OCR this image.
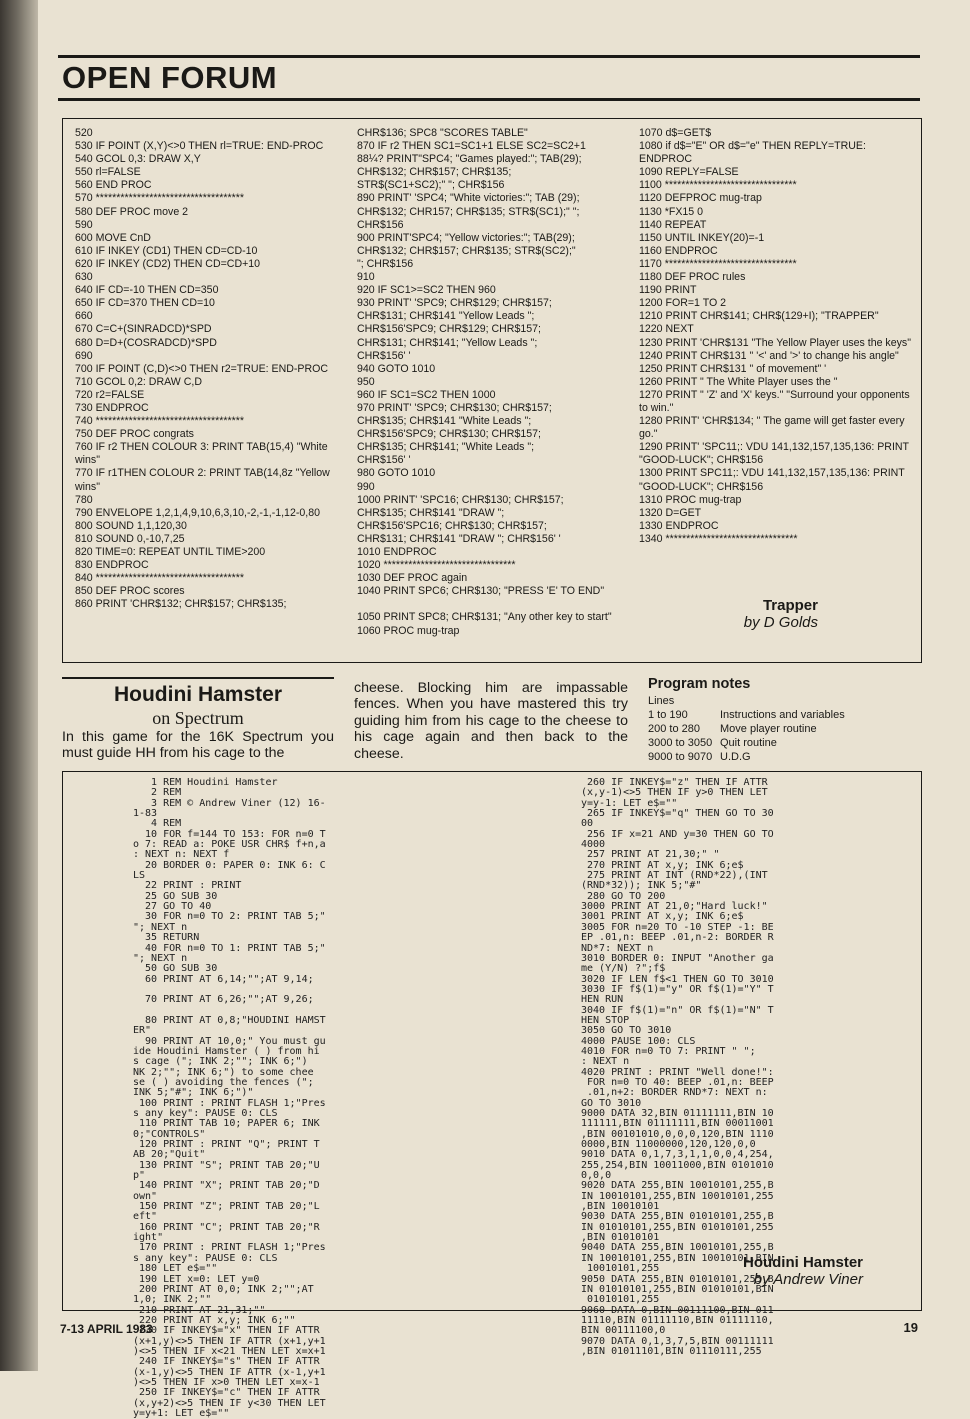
OPEN FORUM
520
530 IF POINT (X,Y)<>0 THEN rl=TRUE: END-PROC
540 GCOL 0,3: DRAW X,Y
550 rl=FALSE
560 END PROC
570 ************************************
580 DEF PROC move 2
590
600 MOVE CnD
610 IF INKEY (CD1) THEN CD=CD-10
620 IF INKEY (CD2) THEN CD=CD+10
630
640 IF CD=-10 THEN CD=350
650 IF CD=370 THEN CD=10
660
670 C=C+(SINRADCD)*SPD
680 D=D+(COSRADCD)*SPD
690
700 IF POINT (C,D)<>0 THEN r2=TRUE: END-PROC
710 GCOL 0,2: DRAW C,D
720 r2=FALSE
730 ENDPROC
740 ************************************
750 DEF PROC congrats
760 IF r2 THEN COLOUR 3: PRINT TAB(15,4) "White wins"
770 IF r1THEN COLOUR 2: PRINT TAB(14,8z "Yellow wins"
780
790 ENVELOPE 1,2,1,4,9,10,6,3,10,-2,-1,-1,12-0,80
800 SOUND 1,1,120,30
810 SOUND 0,-10,7,25
820 TIME=0: REPEAT UNTIL TIME>200
830 ENDPROC
840 ************************************
850 DEF PROC scores
860 PRINT 'CHR$132; CHR$157; CHR$135;
CHR$136; SPC8 "SCORES TABLE"
870 IF r2 THEN SC1=SC1+1 ELSE SC2=SC2+1
88¼? PRINT"SPC4; "Games played:"; TAB(29);
CHR$132; CHR$157; CHR$135;
STR$(SC1+SC2);" "; CHR$156
890 PRINT' 'SPC4; "White victories:"; TAB (29);
CHR$132; CHR157; CHR$135; STR$(SC1);" ";
CHR$156
900 PRINT'SPC4; "Yellow victories:"; TAB(29);
CHR$132; CHR$157; CHR$135; STR$(SC2);"
"; CHR$156
910
920 IF SC1>=SC2 THEN 960
930 PRINT' 'SPC9; CHR$129; CHR$157;
CHR$131; CHR$141 "Yellow Leads ";
CHR$156'SPC9; CHR$129; CHR$157;
CHR$131; CHR$141; "Yellow Leads ";
CHR$156' '
940 GOTO 1010
950
960 IF SC1=SC2 THEN 1000
970 PRINT' 'SPC9; CHR$130; CHR$157;
CHR$135; CHR$141 "White Leads ";
CHR$156'SPC9; CHR$130; CHR$157;
CHR$135; CHR$141; "White Leads ";
CHR$156' '
980 GOTO 1010
990
1000 PRINT' 'SPC16; CHR$130; CHR$157;
CHR$135; CHR$141 "DRAW ";
CHR$156'SPC16; CHR$130; CHR$157;
CHR$131; CHR$141 "DRAW "; CHR$156' '
1010 ENDPROC
1020 ********************************
1030 DEF PROC again
1040 PRINT SPC6; CHR$130; "PRESS 'E' TO END"

1050 PRINT SPC8; CHR$131; "Any other key to start"
1060 PROC mug-trap
1070 d$=GET$
1080 if d$="E" OR d$="e" THEN REPLY=TRUE: ENDPROC
1090 REPLY=FALSE
1100 ********************************
1120 DEFPROC mug-trap
1130 *FX15 0
1140 REPEAT
1150 UNTIL INKEY(20)=-1
1160 ENDPROC
1170 ********************************
1180 DEF PROC rules
1190 PRINT
1200 FOR=1 TO 2
1210 PRINT CHR$141; CHR$(129+I); "TRAPPER"
1220 NEXT
1230 PRINT 'CHR$131 "The Yellow Player uses the keys"
1240 PRINT CHR$131 " '<' and '>' to change his angle"
1250 PRINT CHR$131 " of movement" '
1260 PRINT " The White Player uses the "
1270 PRINT " 'Z' and 'X' keys." "Surround your opponents to win."
1280 PRINT' 'CHR$134; " The game will get faster every go."
1290 PRINT' 'SPC11;: VDU 141,132,157,135,136: PRINT "GOOD-LUCK"; CHR$156
1300 PRINT SPC11;: VDU 141,132,157,135,136: PRINT "GOOD-LUCK"; CHR$156
1310 PROC mug-trap
1320 D=GET
1330 ENDPROC
1340 ********************************
Trapper
by D Golds
Houdini Hamster
on Spectrum
In this game for the 16K Spectrum you must guide HH from his cage to the
cheese. Blocking him are impassable fences. When you have mastered this try guiding him from his cage to the cheese to his cage again and then back to the cheese.
Program notes
Lines
1 to 190	Instructions and variables
200 to 280	Move player routine
3000 to 3050 Quit routine
9000 to 9070 U.D.G
1 REM Houdini Hamster
2 REM
3 REM © Andrew Viner (12) 16-
1-83
4 REM
10 FOR f=144 TO 153: FOR n=0 T
o 7: READ a: POKE USR CHR$ f+n,a
: NEXT n: NEXT f
20 BORDER 0: PAPER 0: INK 6: C
LS
22 PRINT : PRINT
25 GO SUB 30
27 GO TO 40
30 FOR n=0 TO 2: PRINT TAB 5;"
"; NEXT n
35 RETURN
40 FOR n=0 TO 1: PRINT TAB 5;"
"; NEXT n
50 GO SUB 30
60 PRINT AT 6,14;"";AT 9,14;

70 PRINT AT 6,26;"";AT 9,26;

80 PRINT AT 0,8;"HOUDINI HAMST
ER"
90 PRINT AT 10,0;" You must gu
ide Houdini Hamster ( ) from hi
s cage ("; INK 2;""; INK 6;")
NK 2;""; INK 6;") to some chee
se ( ) avoiding the fences (";
INK 5;"#"; INK 6;")"
100 PRINT : PRINT FLASH 1;"Pres
s any key": PAUSE 0: CLS
110 PRINT TAB 10; PAPER 6; INK
0;"CONTROLS"
120 PRINT : PRINT "Q"; PRINT T
AB 20;"Quit"
130 PRINT "S"; PRINT TAB 20;"U
p"
140 PRINT "X"; PRINT TAB 20;"D
own"
150 PRINT "Z"; PRINT TAB 20;"L
eft"
160 PRINT "C"; PRINT TAB 20;"R
ight"
170 PRINT : PRINT FLASH 1;"Pres
s any key": PAUSE 0: CLS
180 LET e$=""
190 LET x=0: LET y=0
200 PRINT AT 0,0; INK 2;"";AT
1,0; INK 2;""
210 PRINT AT 21,31;""
220 PRINT AT x,y; INK 6;""
230 IF INKEY$="x" THEN IF ATTR
(x+1,y)<>5 THEN IF ATTR (x+1,y+1
)<>5 THEN IF x<21 THEN LET x=x+1
240 IF INKEY$="s" THEN IF ATTR
(x-1,y)<>5 THEN IF ATTR (x-1,y+1
)<>5 THEN IF x>0 THEN LET x=x-1
250 IF INKEY$="c" THEN IF ATTR
(x,y+2)<>5 THEN IF y<30 THEN LET
y=y+1: LET e$=""
260 IF INKEY$="z" THEN IF ATTR
(x,y-1)<>5 THEN IF y>0 THEN LET
y=y-1: LET e$=""
265 IF INKEY$="q" THEN GO TO 30
00
256 IF x=21 AND y=30 THEN GO TO
4000
257 PRINT AT 21,30;" "
270 PRINT AT x,y; INK 6;e$
275 PRINT AT INT (RND*22),(INT
(RND*32)); INK 5;"#"
280 GO TO 200
3000 PRINT AT 21,0;"Hard luck!"
3001 PRINT AT x,y; INK 6;e$
3005 FOR n=20 TO -10 STEP -1: BE
EP .01,n: BEEP .01,n-2: BORDER R
ND*7: NEXT n
3010 BORDER 0: INPUT "Another ga
me (Y/N) ?";f$
3020 IF LEN f$<1 THEN GO TO 3010
3030 IF f$(1)="y" OR f$(1)="Y" T
HEN RUN
3040 IF f$(1)="n" OR f$(1)="N" T
HEN STOP
3050 GO TO 3010
4000 PAUSE 100: CLS
4010 FOR n=0 TO 7: PRINT " ";
: NEXT n
4020 PRINT : PRINT "Well done!":
FOR n=0 TO 40: BEEP .01,n: BEEP
.01,n+2: BORDER RND*7: NEXT n:
GO TO 3010
9000 DATA 32,BIN 01111111,BIN 10
111111,BIN 01111111,BIN 00011001
,BIN 00101010,0,0,0,120,BIN 1110
0000,BIN 11000000,120,120,0,0
9010 DATA 0,1,7,3,1,1,0,0,4,254,
255,254,BIN 10011000,BIN 0101010
0,0,0
9020 DATA 255,BIN 10010101,255,B
IN 10010101,255,BIN 10010101,255
,BIN 10010101
9030 DATA 255,BIN 01010101,255,B
IN 01010101,255,BIN 01010101,255
,BIN 01010101
9040 DATA 255,BIN 10010101,255,B
IN 10010101,255,BIN 10010101,BIN
10010101,255
9050 DATA 255,BIN 01010101,255,B
IN 01010101,255,BIN 01010101,BIN
01010101,255
9060 DATA 0,BIN 00111100,BIN 011
11110,BIN 01111110,BIN 01111110,
BIN 00111100,0
9070 DATA 0,1,3,7,5,BIN 00111111
,BIN 01011101,BIN 01110111,255
Houdini Hamster
by Andrew Viner
7-13 APRIL 1983	19
